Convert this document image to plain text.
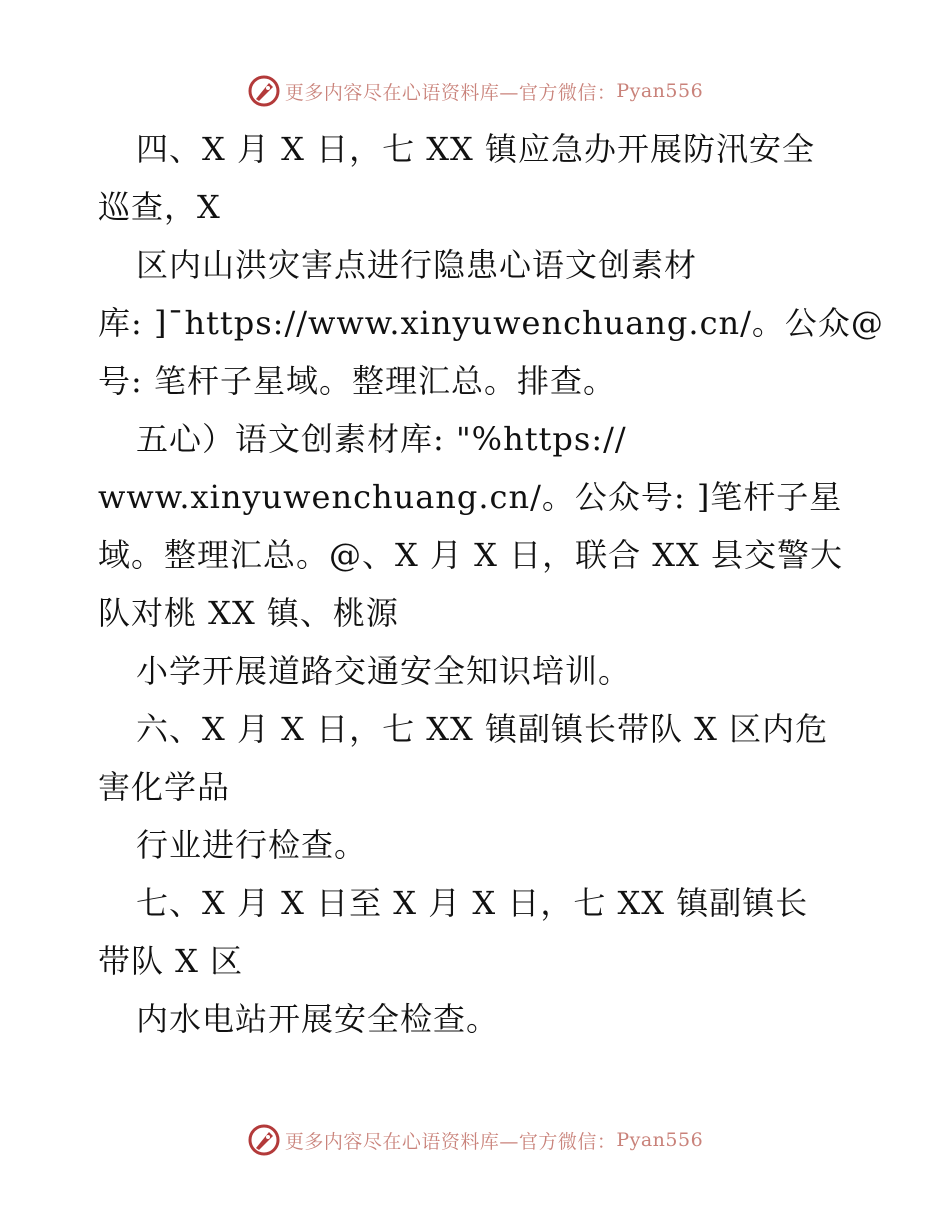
更多内容尽在心语资料库—官方微信： Pyan556
四、X 月 X 日，七 XX 镇应急办开展防汛安全
巡查，X
区内山洪灾害点进行隐患心语文创素材
库: ]¯https://www.xinyuwenchuang.cn/。公众@
号: 笔杆子星域。整理汇总。排查。
五心）语文创素材库: "%https://
www.xinyuwenchuang.cn/。公众号: ]笔杆子星
域。整理汇总。@、X 月 X 日，联合 XX 县交警大
队对桃 XX 镇、桃源
小学开展道路交通安全知识培训。
六、X 月 X 日，七 XX 镇副镇长带队 X 区内危
害化学品
行业进行检查。
七、X 月 X 日至 X 月 X 日，七 XX 镇副镇长
带队 X 区
内水电站开展安全检查。
更多内容尽在心语资料库—官方微信： Pyan556
